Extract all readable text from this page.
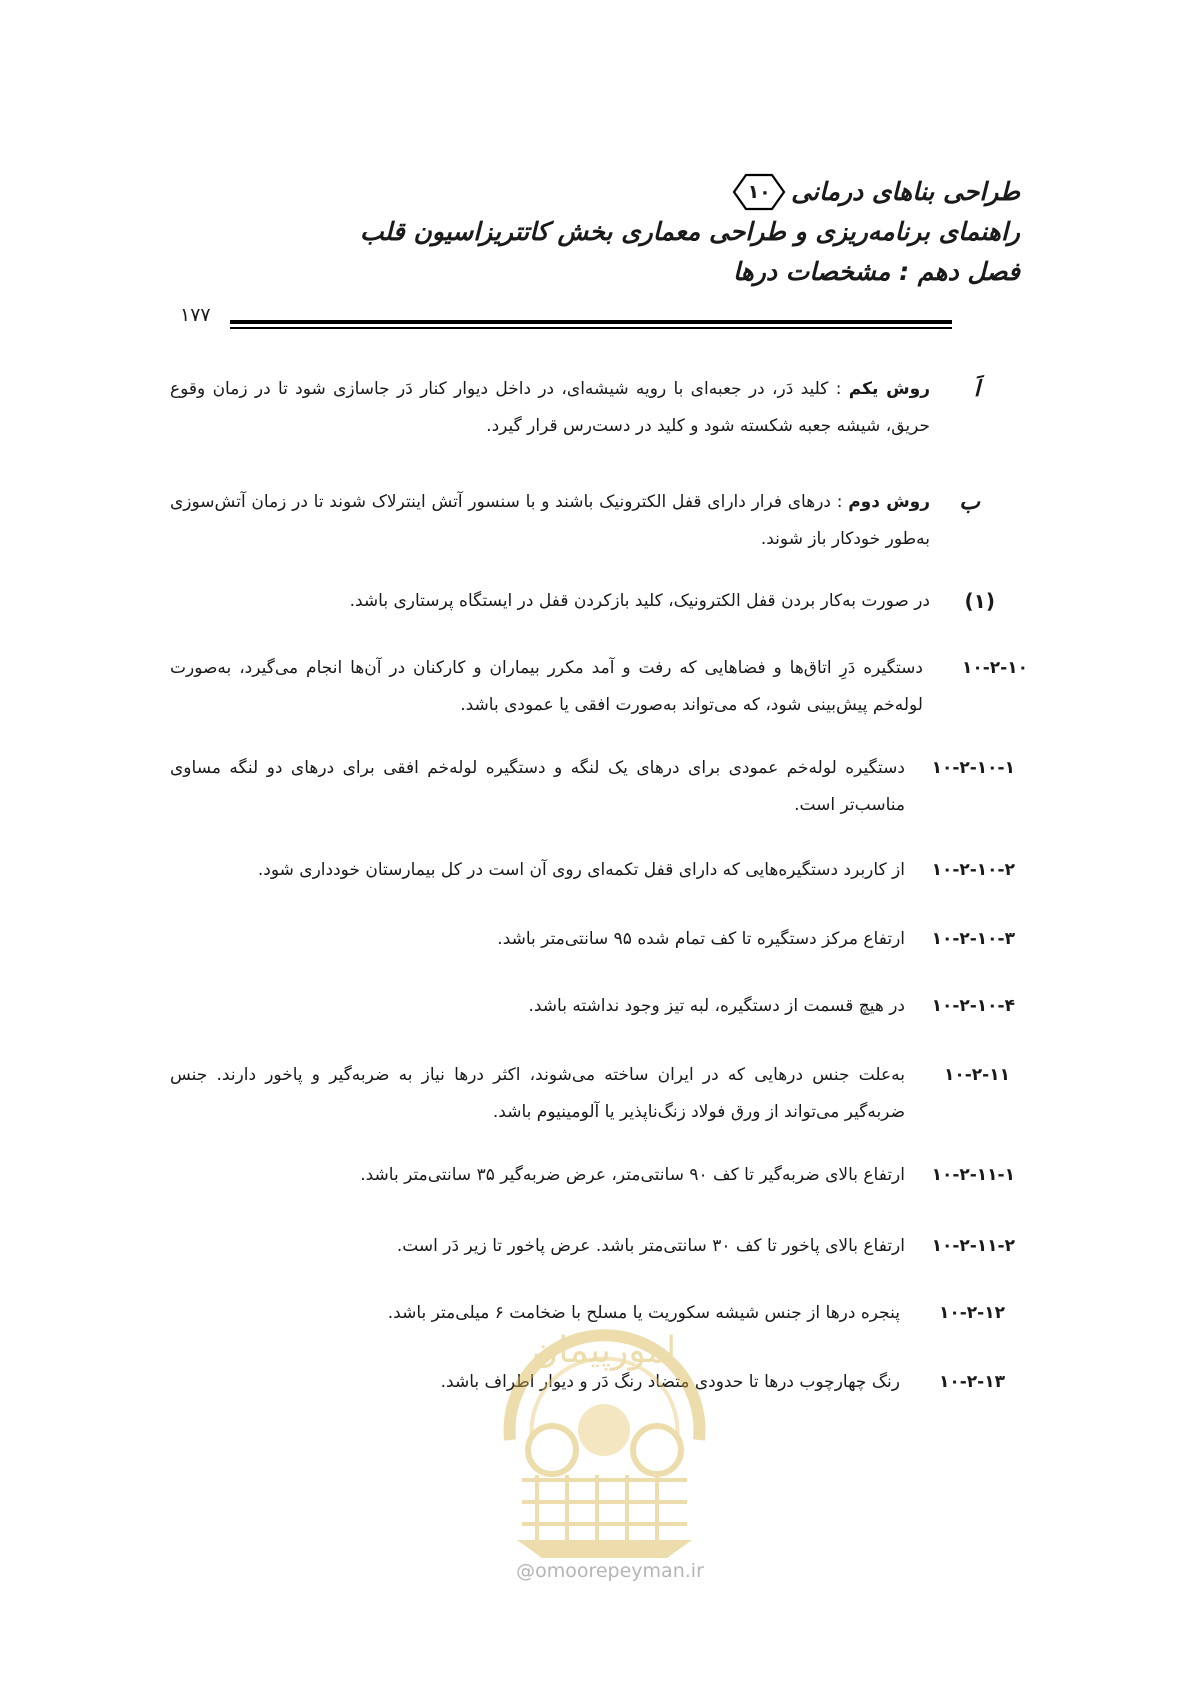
طراحی بناهای درمانی
۱۰
راهنمای برنامه‌ریزی و طراحی معماری بخش کاتتریزاسیون قلب
فصل دهم : مشخصات درها
۱۷۷
اَ
روش یکم : کلید دَر، در جعبه‌ای با رویه شیشه‌ای، در داخل دیوار کنار دَر جاسازی شود تا در زمان وقوع حریق، شیشه جعبه شکسته شود و کلید در دست‌رس قرار گیرد.
ب
روش دوم : درهای فرار دارای قفل الکترونیک باشند و با سنسور آتش اینترلاک شوند تا در زمان آتش‌سوزی به‌طور خودکار باز شوند.
(۱)
در صورت به‌کار بردن قفل الکترونیک، کلید بازکردن قفل در ایستگاه پرستاری باشد.
۱۰-۲-۱۰
دستگیره دَرِ اتاق‌ها و فضاهایی که رفت و آمد مکرر بیماران و کارکنان در آن‌ها انجام می‌گیرد، به‌صورت لوله‌خم پیش‌بینی شود، که می‌تواند به‌صورت افقی یا عمودی باشد.
۱۰-۲-۱۰-۱
دستگیره لوله‌خم عمودی برای درهای یک لنگه و دستگیره لوله‌خم افقی برای درهای دو لنگه مساوی مناسب‌تر است.
۱۰-۲-۱۰-۲
از کاربرد دستگیره‌هایی که دارای قفل تکمه‌ای روی آن است در کل بیمارستان خودداری شود.
۱۰-۲-۱۰-۳
ارتفاع مرکز دستگیره تا کف تمام شده ۹۵ سانتی‌متر باشد.
۱۰-۲-۱۰-۴
در هیچ قسمت از دستگیره، لبه تیز وجود نداشته باشد.
۱۰-۲-۱۱
به‌علت جنس درهایی که در ایران ساخته می‌شوند، اکثر درها نیاز به ضربه‌گیر و پاخور دارند. جنس ضربه‌گیر می‌تواند از ورق فولاد زنگ‌ناپذیر یا آلومینیوم باشد.
۱۰-۲-۱۱-۱
ارتفاع بالای ضربه‌گیر تا کف ۹۰ سانتی‌متر، عرض ضربه‌گیر ۳۵ سانتی‌متر باشد.
۱۰-۲-۱۱-۲
ارتفاع بالای پاخور تا کف ۳۰ سانتی‌متر باشد. عرض پاخور تا زیر دَر است.
۱۰-۲-۱۲
پنجره درها از جنس شیشه سکوریت یا مسلح با ضخامت ۶ میلی‌متر باشد.
۱۰-۲-۱۳
رنگ چهارچوب درها تا حدودی متضاد رنگ دَر و دیوار اطراف باشد.
امورپیمان
@omoorepeyman.ir
